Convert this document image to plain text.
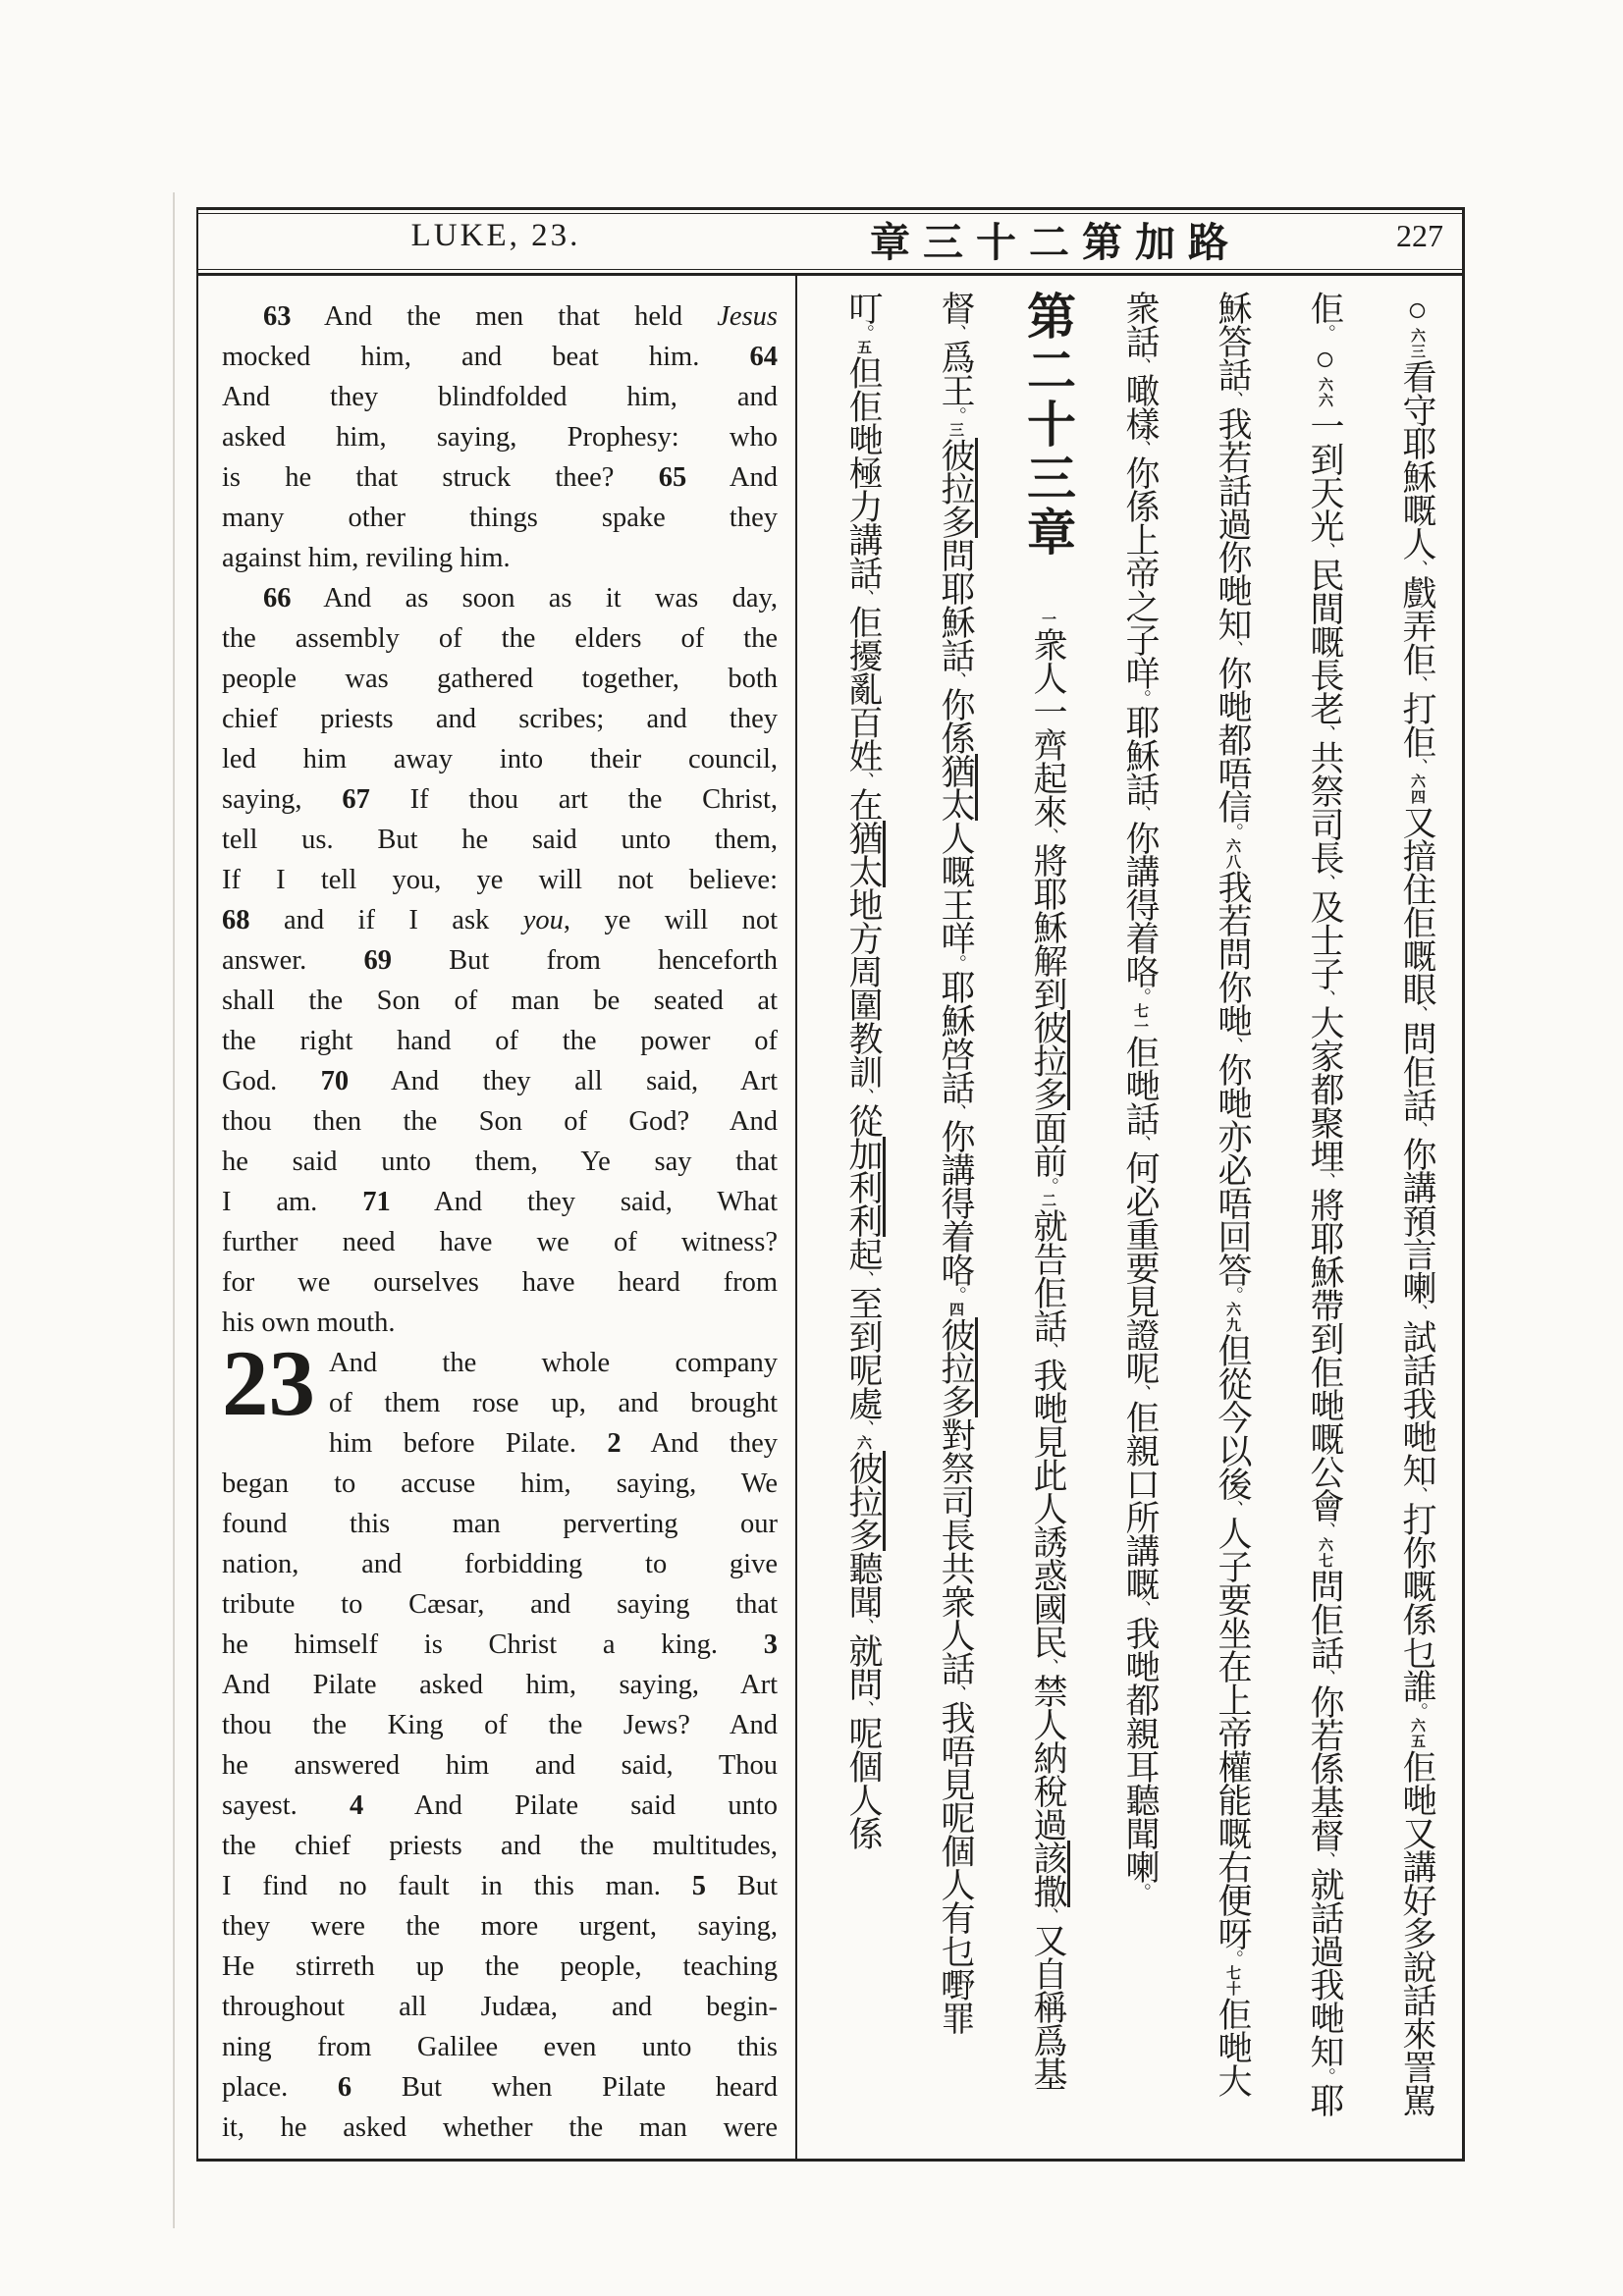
LUKE, 23.	章三十二第加路	227
63 And the men that held Jesus
mocked him, and beat him. 64
And they blindfolded him, and
asked him, saying, Prophesy: who
is he that struck thee? 65 And
many other things spake they
against him, reviling him.
66 And as soon as it was day,
the assembly of the elders of the
people was gathered together, both
chief priests and scribes; and they
led him away into their council,
saying, 67 If thou art the Christ,
tell us. But he said unto them,
If I tell you, ye will not believe:
68 and if I ask you, ye will not
answer. 69 But from henceforth
shall the Son of man be seated at
the right hand of the power of
God. 70 And they all said, Art
thou then the Son of God? And
he said unto them, Ye say that
I am. 71 And they said, What
further need have we of witness?
for we ourselves have heard from
his own mouth.
23 And the whole company
of them rose up, and brought
him before Pilate. 2 And they
began to accuse him, saying, We
found this man perverting our
nation, and forbidding to give
tribute to Cæsar, and saying that
he himself is Christ a king. 3
And Pilate asked him, saying, Art
thou the King of the Jews? And
he answered him and said, Thou
sayest. 4 And Pilate said unto
the chief priests and the multitudes,
I find no fault in this man. 5 But
they were the more urgent, saying,
He stirreth up the people, teaching
throughout all Judæa, and begin-
ning from Galilee even unto this
place. 6 But when Pilate heard
it, he asked whether the man were
○六三看守耶穌嘅人、戲弄佢、打佢、六四又揞住佢嘅眼、問佢話、你講預言喇、試話我哋知、打你嘅係乜誰。六五佢哋又講好多說話來詈駡
佢。○六六一到天光、民間嘅長老、共祭司長、及士子、大家都聚埋、將耶穌帶到佢哋嘅公會、六七問佢話、你若係基督、就話過我哋知。耶
穌答話、我若話過你哋知、你哋都唔信。六八我若問你哋、你哋亦必唔回答。六九但從今以後、人子要坐在上帝權能嘅右便呀。七十佢哋大
衆話、噉樣、你係上帝之子咩。耶穌話、你講得着咯。七一佢哋話、何必重要見證呢、佢親口所講嘅、我哋都親耳聽聞喇。
第二十三章一衆人一齊起來、將耶穌解到彼拉多面前。二就告佢話、我哋見此人誘惑國民、禁人納稅過該撒、又自稱爲基
督、爲王。三彼拉多問耶穌話、你係猶太人嘅王咩。耶穌啓話、你講得着咯。四彼拉多對祭司長共衆人話、我唔見呢個人有乜嘢罪
叮。五但佢哋極力講話、佢擾亂百姓、在猶太地方周圍教訓、從加利利起、至到呢處、六彼拉多聽聞、就問、呢個人係
